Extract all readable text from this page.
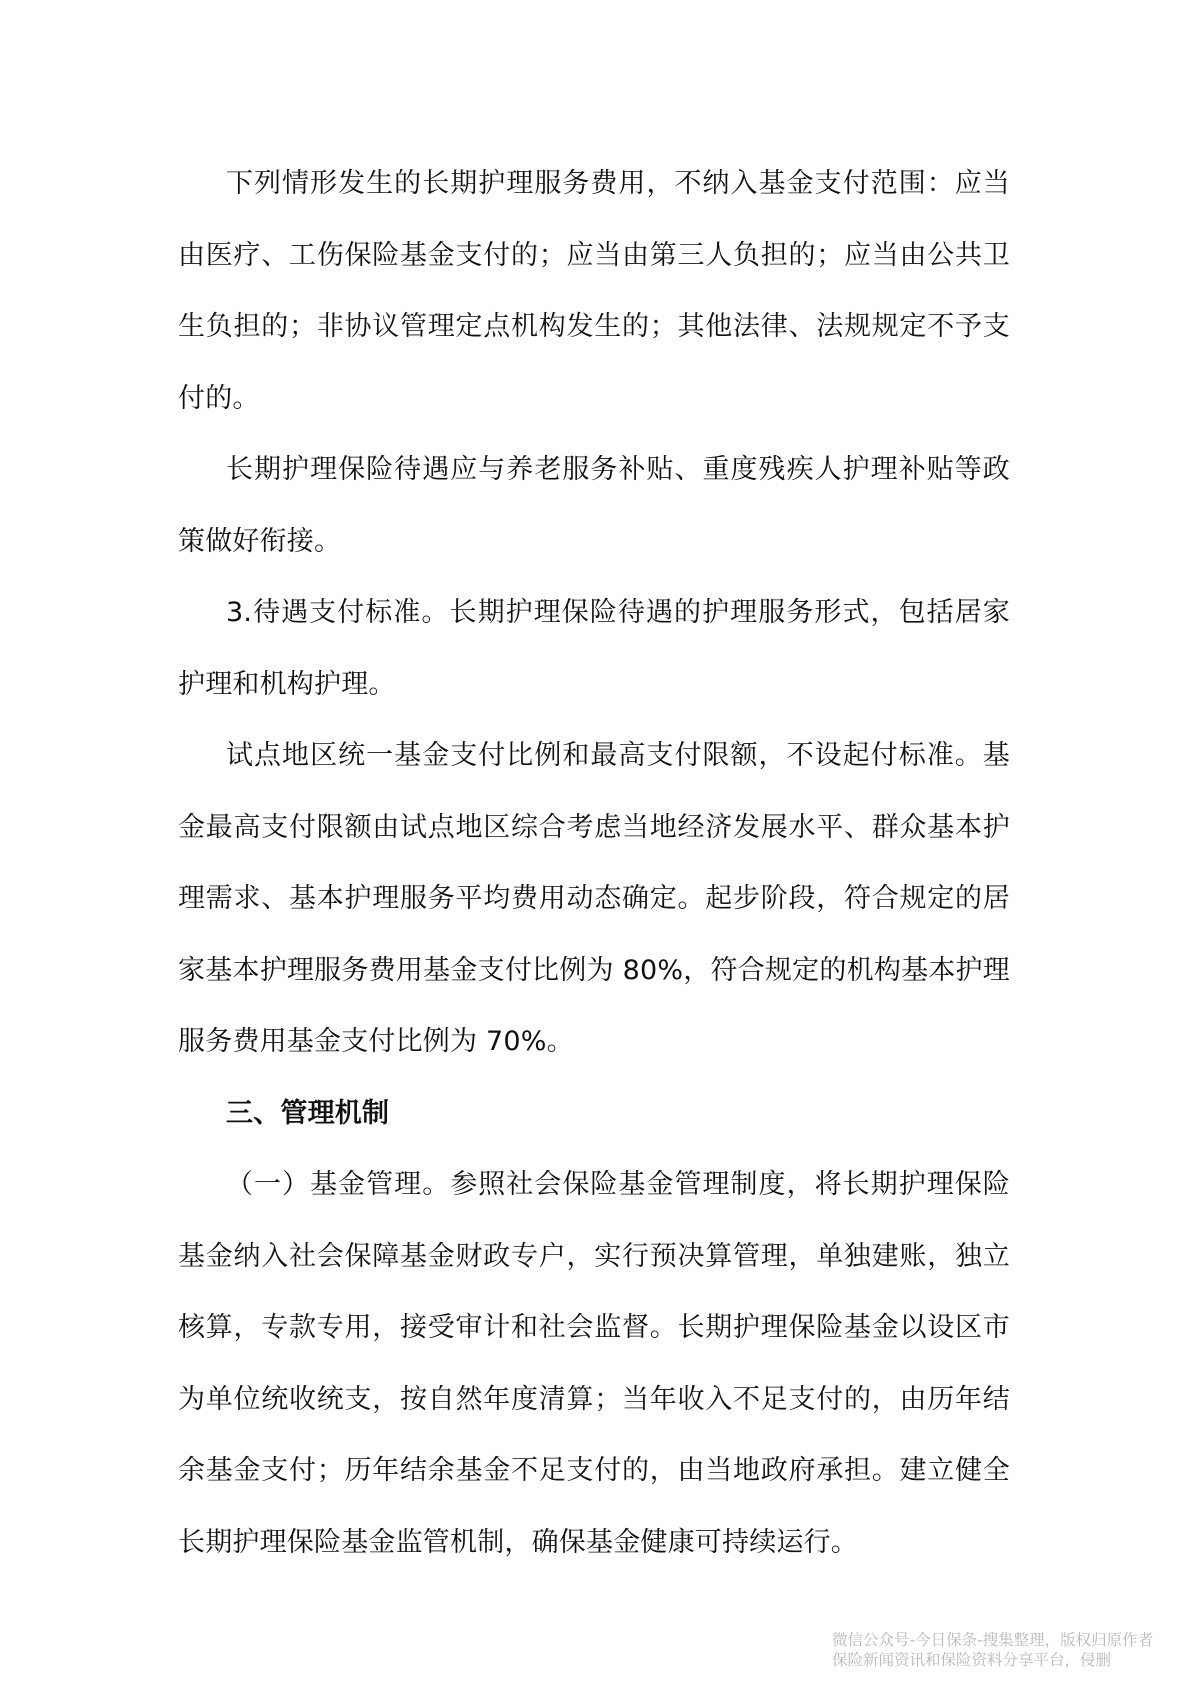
下列情形发生的长期护理服务费用，不纳入基金支付范围：应当由医疗、工伤保险基金支付的；应当由第三人负担的；应当由公共卫生负担的；非协议管理定点机构发生的；其他法律、法规规定不予支付的。

长期护理保险待遇应与养老服务补贴、重度残疾人护理补贴等政策做好衔接。

3.待遇支付标准。长期护理保险待遇的护理服务形式，包括居家护理和机构护理。

试点地区统一基金支付比例和最高支付限额，不设起付标准。基金最高支付限额由试点地区综合考虑当地经济发展水平、群众基本护理需求、基本护理服务平均费用动态确定。起步阶段，符合规定的居家基本护理服务费用基金支付比例为 80%，符合规定的机构基本护理服务费用基金支付比例为 70%。

三、管理机制

（一）基金管理。参照社会保险基金管理制度，将长期护理保险基金纳入社会保障基金财政专户，实行预决算管理，单独建账，独立核算，专款专用，接受审计和社会监督。长期护理保险基金以设区市为单位统收统支，按自然年度清算；当年收入不足支付的，由历年结余基金支付；历年结余基金不足支付的，由当地政府承担。建立健全长期护理保险基金监管机制，确保基金健康可持续运行。

微信公众号-今日保条-搜集整理，版权归原作者
保险新闻资讯和保险资料分享平台，侵删
